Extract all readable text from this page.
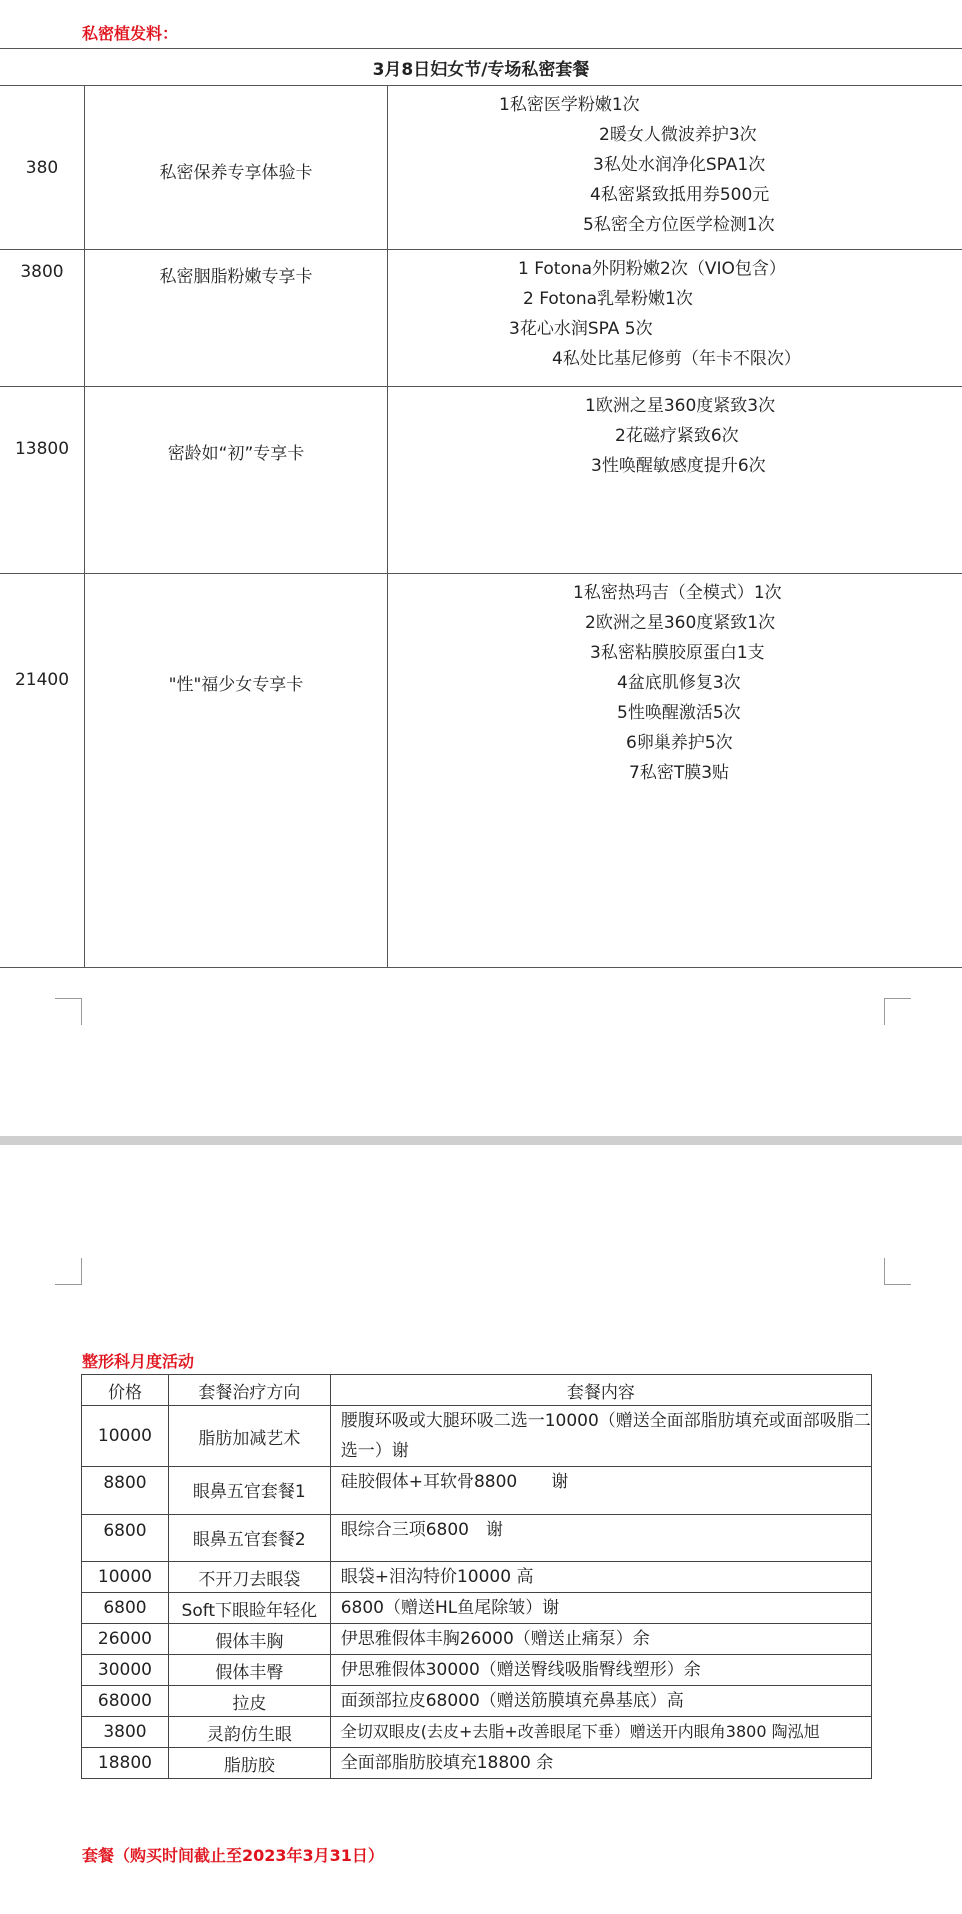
私密植发料：
3月8日妇女节/专场私密套餐
380	私密保养专享体验卡
1私密医学粉嫩1次
2暖女人微波养护3次
3私处水润净化SPA1次
4私密紧致抵用券500元
5私密全方位医学检测1次
3800	私密胭脂粉嫩专享卡	1 Fotona外阴粉嫩2次（VIO包含）
2 Fotona乳晕粉嫩1次
3花心水润SPA 5次
4私处比基尼修剪（年卡不限次）
13800	密龄如“初”专享卡
1欧洲之星360度紧致3次
2花磁疗紧致6次
3性唤醒敏感度提升6次
21400	"性"福少女专享卡
1私密热玛吉（全模式）1次
2欧洲之星360度紧致1次
3私密粘膜胶原蛋白1支
4盆底肌修复3次
5性唤醒激活5次
6卵巢养护5次
7私密T膜3贴
整形科月度活动
价格	套餐治疗方向	套餐内容
10000	脂肪加减艺术	腰腹环吸或大腿环吸二选一10000（赠送全面部脂肪填充或面部吸脂二选一）谢
8800	眼鼻五官套餐1	硅胶假体+耳软骨8800　　谢
6800	眼鼻五官套餐2	眼综合三项6800　谢
10000	不开刀去眼袋	眼袋+泪沟特价10000 高
6800	Soft下眼睑年轻化	6800（赠送HL鱼尾除皱）谢
26000	假体丰胸	伊思雅假体丰胸26000（赠送止痛泵）余
30000	假体丰臀	伊思雅假体30000（赠送臀线吸脂臀线塑形）余
68000	拉皮	面颈部拉皮68000（赠送筋膜填充鼻基底）高
3800	灵韵仿生眼	全切双眼皮(去皮+去脂+改善眼尾下垂）赠送开内眼角3800 陶泓旭
18800	脂肪胶	全面部脂肪胶填充18800 余
套餐（购买时间截止至2023年3月31日）
